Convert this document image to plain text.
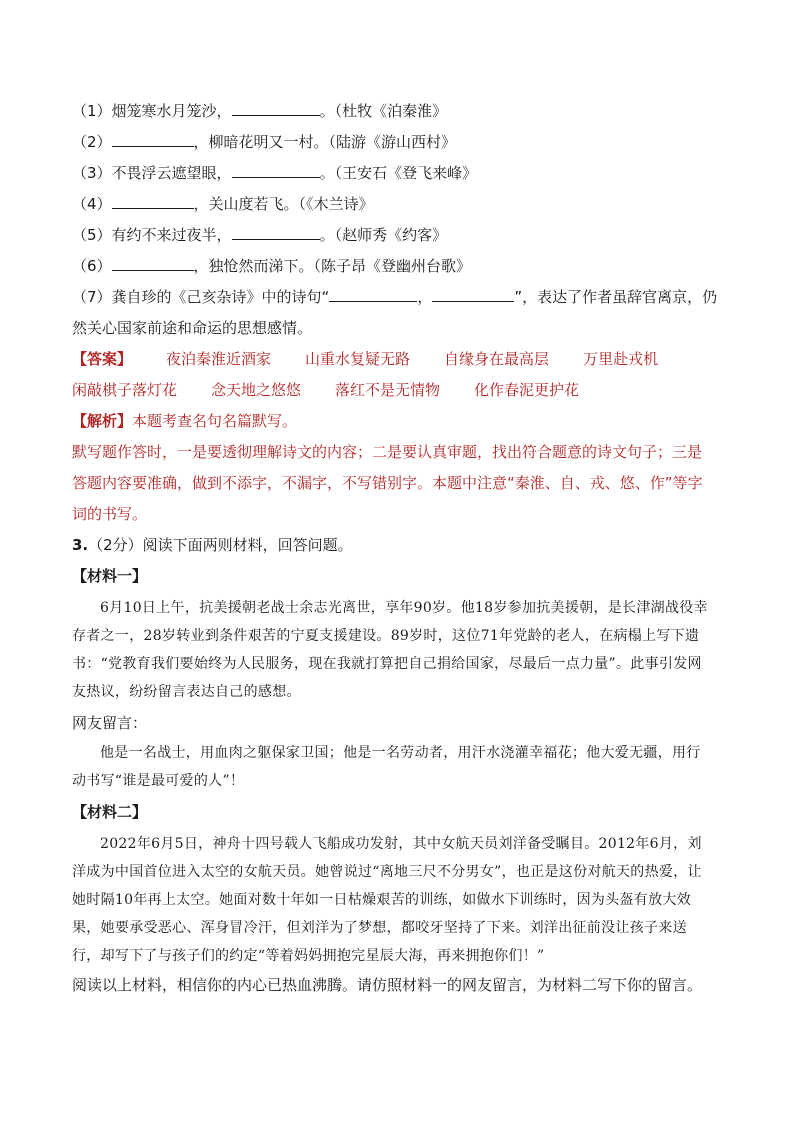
（1）烟笼寒水月笼沙，	。（杜牧《泊秦淮》
（2）	，柳暗花明又一村。（陆游《游山西村》
（3）不畏浮云遮望眼，	。（王安石《登飞来峰》
（4）	，关山度若飞。（《木兰诗》
（5）有约不来过夜半，	。（赵师秀《约客》
（6）	，独怆然而涕下。（陈子昂《登幽州台歌》
（7）龚自珍的《己亥杂诗》中的诗句“	，	”，表达了作者虽辞官离京，仍
然关心国家前途和命运的思想感情。
【答案】 夜泊秦淮近酒家 山重水复疑无路 自缘身在最高层 万里赴戎机
闲敲棋子落灯花 念天地之悠悠 落红不是无情物 化作春泥更护花
【解析】本题考查名句名篇默写。
默写题作答时，一是要透彻理解诗文的内容；二是要认真审题，找出符合题意的诗文句子；三是答题内容要准确，做到不添字，不漏字，不写错别字。本题中注意“秦淮、自、戎、悠、作”等字词的书写。
3.（2分）阅读下面两则材料，回答问题。
【材料一】
6月10日上午，抗美援朝老战士余志光离世，享年90岁。他18岁参加抗美援朝，是长津湖战役幸存者之一，28岁转业到条件艰苦的宁夏支援建设。89岁时，这位71年党龄的老人，在病榻上写下遗书：“党教育我们要始终为人民服务，现在我就打算把自己捐给国家，尽最后一点力量”。此事引发网友热议，纷纷留言表达自己的感想。
网友留言：
他是一名战士，用血肉之躯保家卫国；他是一名劳动者，用汗水浇灌幸福花；他大爱无疆，用行动书写“谁是最可爱的人”！
【材料二】
2022年6月5日，神舟十四号载人飞船成功发射，其中女航天员刘洋备受瞩目。2012年6月，刘洋成为中国首位进入太空的女航天员。她曾说过“离地三尺不分男女”，也正是这份对航天的热爱，让她时隔10年再上太空。她面对数十年如一日枯燥艰苦的训练，如做水下训练时，因为头盔有放大效果，她要承受恶心、浑身冒冷汗，但刘洋为了梦想，都咬牙坚持了下来。刘洋出征前没让孩子来送行，却写下了与孩子们的约定“等着妈妈拥抱完星辰大海，再来拥抱你们！”
阅读以上材料，相信你的内心已热血沸腾。请仿照材料一的网友留言，为材料二写下你的留言。
